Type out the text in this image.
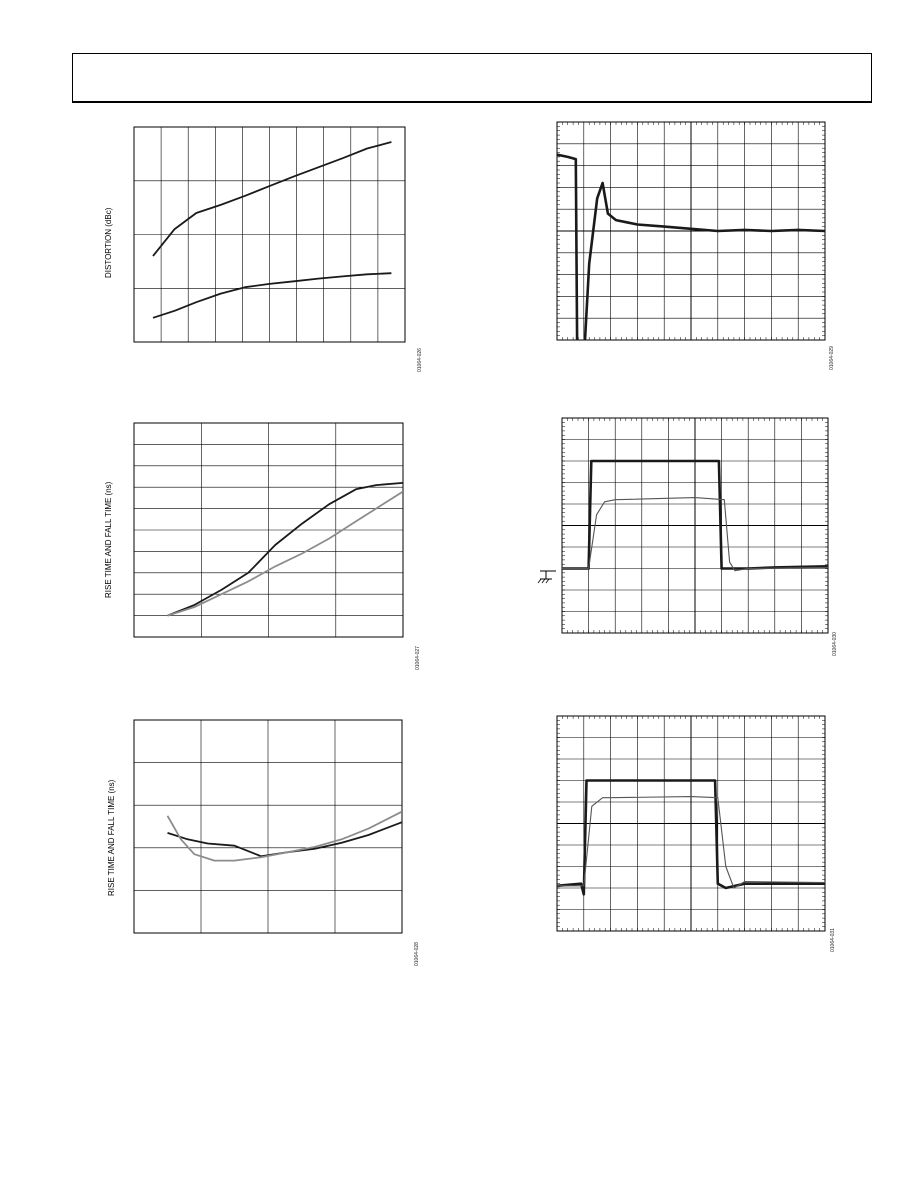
DISTORTION (dBc)
01064-026
RISE TIME AND FALL TIME (ns)
01064-027
RISE TIME AND FALL TIME (ns)
01064-028
01064-029
01064-030
01064-031
